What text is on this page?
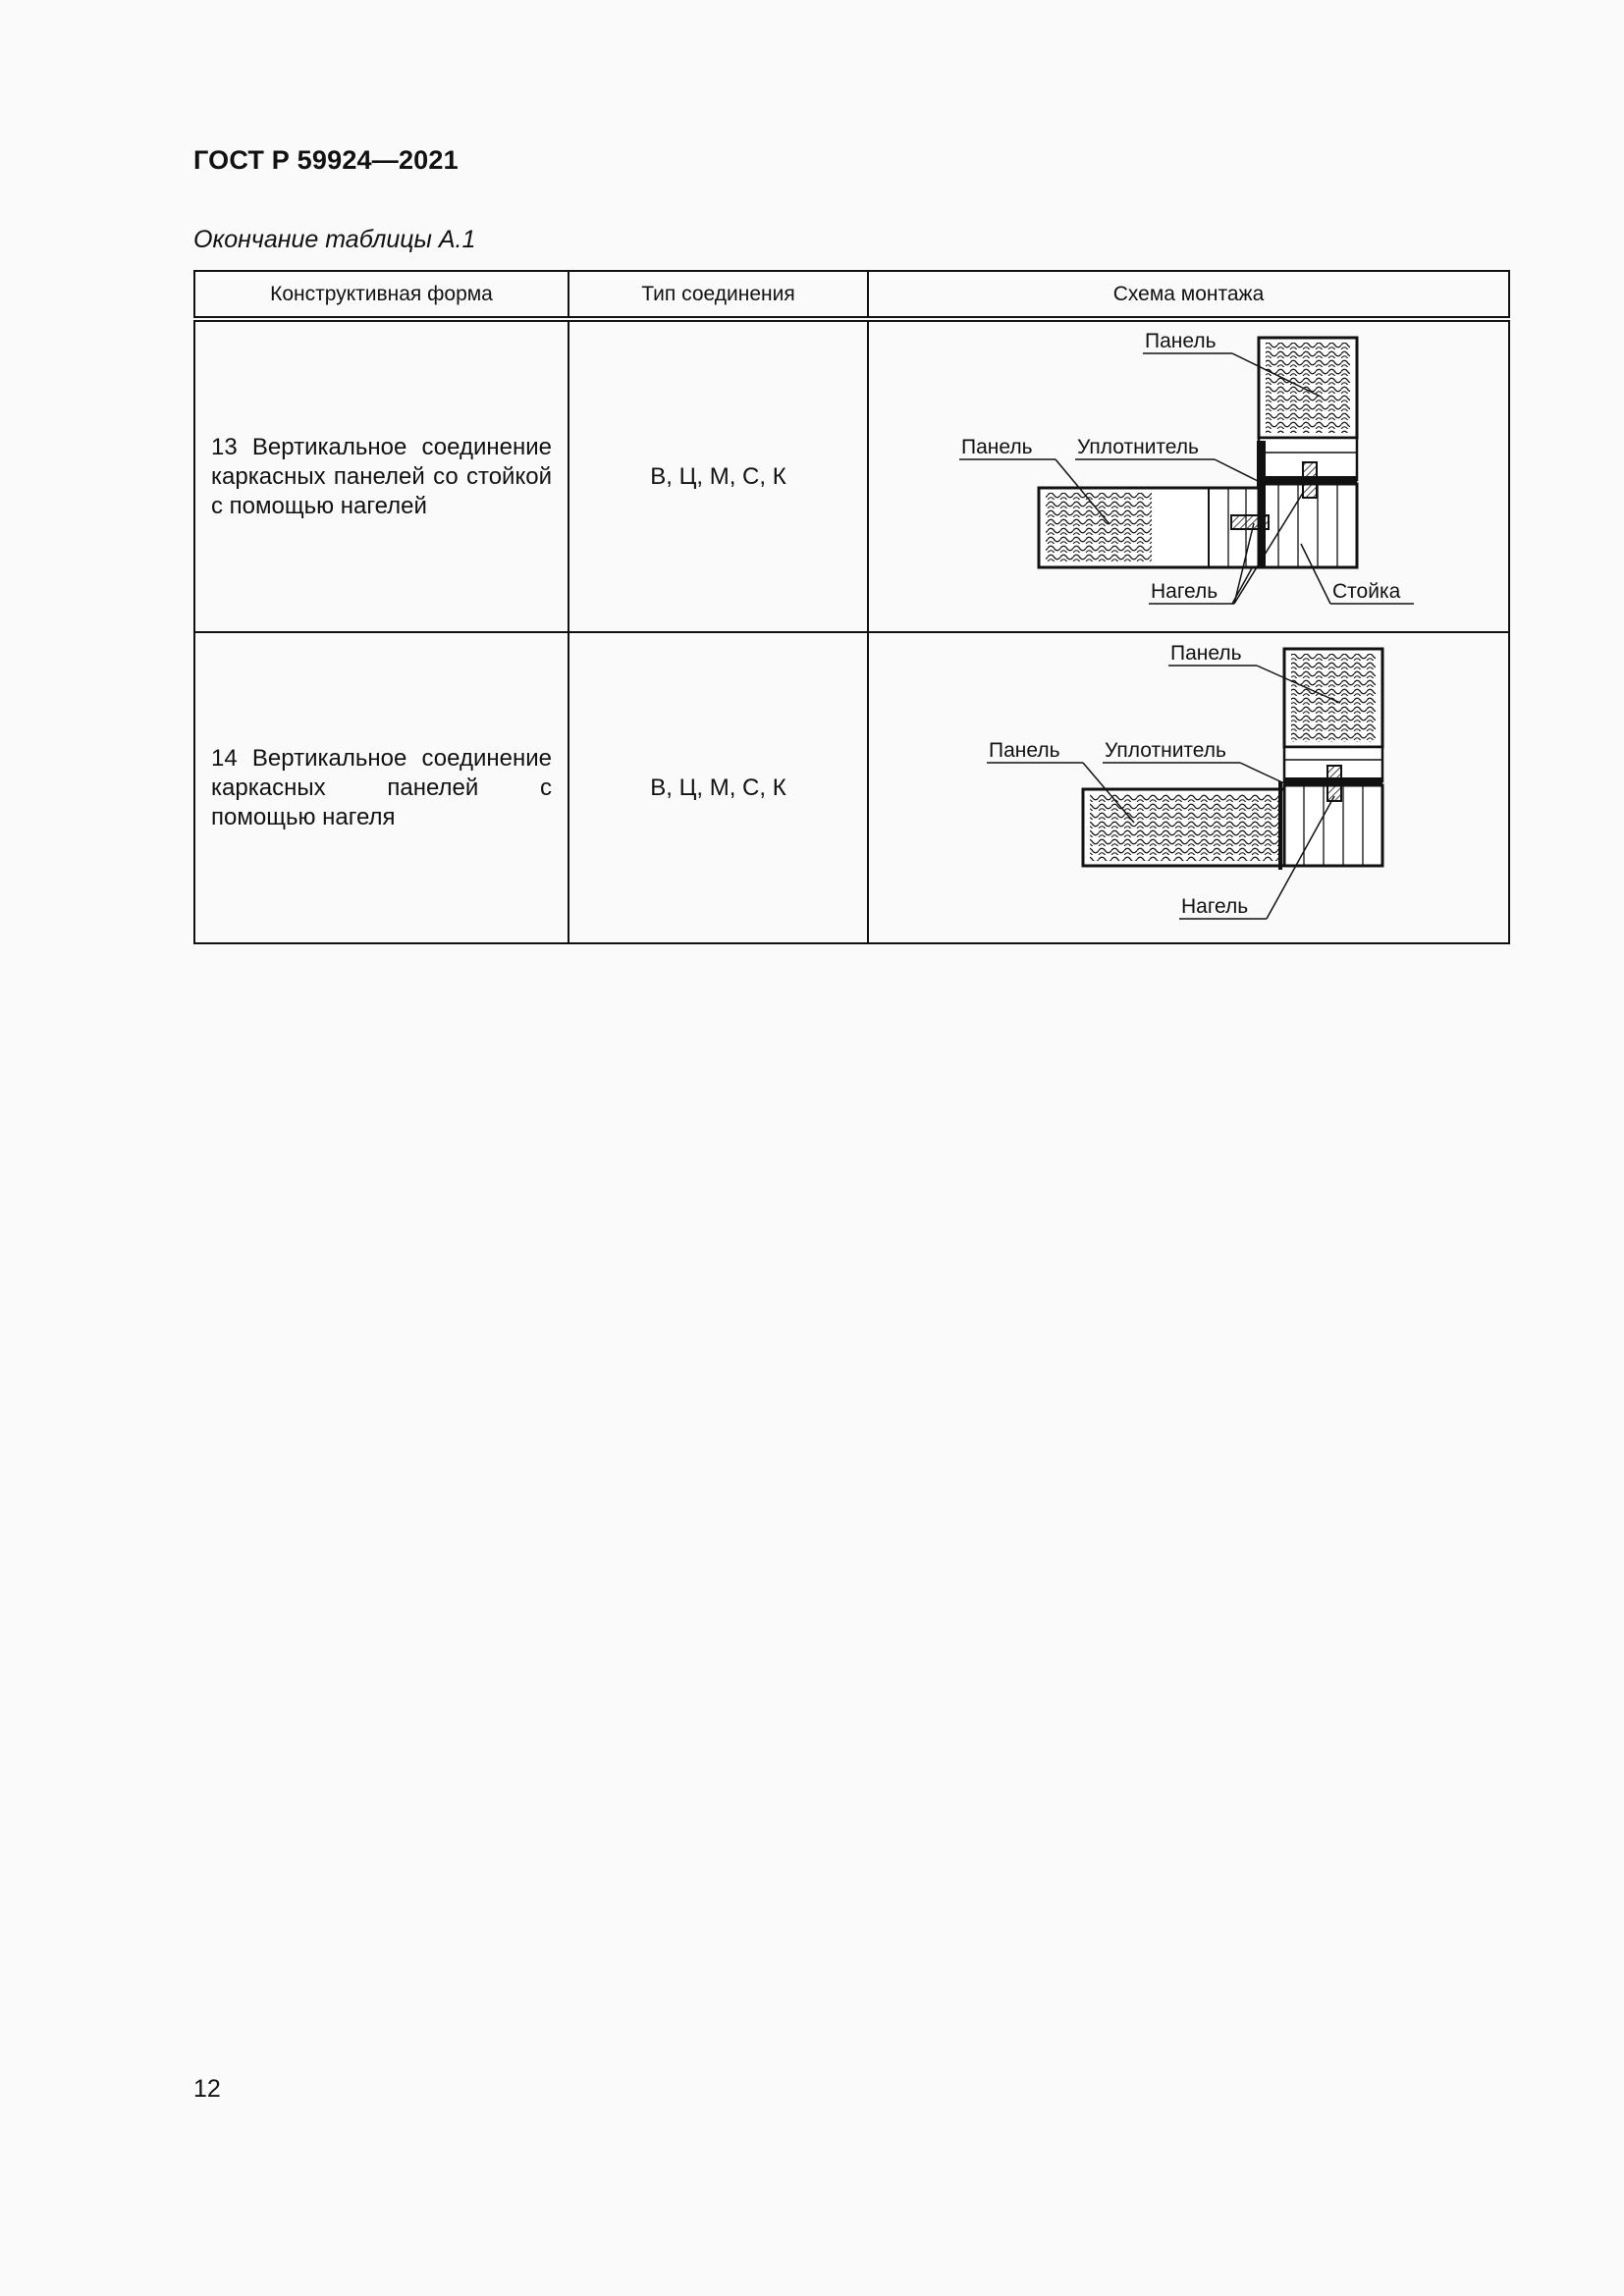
ГОСТ Р 59924—2021
Окончание таблицы А.1
Конструктивная форма	Тип соединения	Схема монтажа
13 Вертикальное соединение каркасных панелей со стойкой с помощью нагелей	В, Ц, М, С, К	Панель
Панель Уплотнитель
Нагель Стойка

14 Вертикальное соединение каркасных панелей с помощью нагеля	В, Ц, М, С, К	Панель
Панель Уплотнитель
Нагель
12
